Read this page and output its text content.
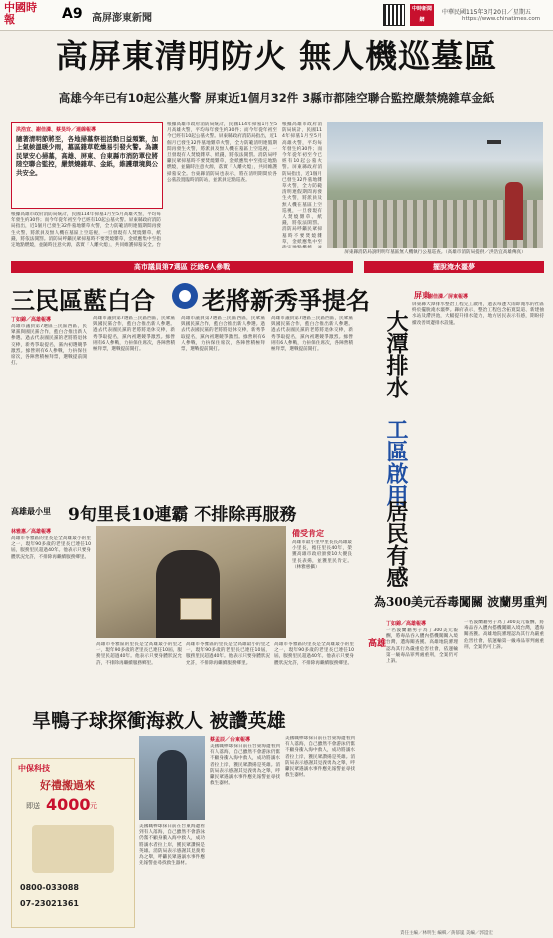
中國時報	A9 高屏澎東新聞
中時新聞網
中華民國115年3月20日／星期五
https://www.chinatimes.com
高屏東清明防火 無人機巡墓區
高雄今年已有10起公墓火警 屏東近1個月32件 3縣市都陸空聯合監控嚴禁燒雜草金紙
洪浩宜、謝佳潾、蔡旻玲／連線報導
隨著清明節將至，各地掃墓祭祖活動日益頻繁，加上氣候溫暖少雨，墓區雜草乾燥易引發火警。為讓民眾安心掃墓，高雄、屏東、台東縣市消防單位將陸空聯合監控，嚴禁燒雜草、金紙，維護環境與公共安全。
根據高雄市政府消防局統計，民國114年掃墓1月至5月高雄火警，平均每年發生約30件；而今年從年初至今已經有10起公墓火警。屏東縣政府消防局指出，近1個月已發生32件墓地雜草火警，全力防範清明連假期間再發生火警，將派員及無人機在墓區上空巡視，一旦發現有人焚燒雜草、紙錢，將依法開罰。消防局呼籲民眾掃墓時不要焚燒雜草，金紙應集中至指定地點燃燒，並隨時注意火源，落實「人離火熄」，共同維護掃墓安全。台
根據高雄市政府消防局統計，民國114年掃墓1月至5月高雄火警，平均每年發生約30件；而今年從年初至今已經有10起公墓火警。屏東縣政府消防局指出，近1個月已發生32件墓地雜草火警，全力防範清明連假期間再發生火警，將派員及無人機在墓區上空巡視，一旦發現有人焚燒雜草、紙錢，將依法開罰。消防局呼籲民眾掃墓時不要焚燒雜草，金紙應集中至指定地點燃燒，並隨時注意火源，落實「人離火熄」，共同維護掃墓安全。台東縣消防局也表示，將在清明期間於各公墓設置臨時消防站，並派員定點巡查。
根據高雄市政府消防局統計，民國114年掃墓1月至5月高雄火警，平均每年發生約30件；而今年從年初至今已經有10起公墓火警。屏東縣政府消防局指出，近1個月已發生32件墓地雜草火警，全力防範清明連假期間再發生火警，將派員及無人機在墓區上空巡視，一旦發現有人焚燒雜草、紙錢，將依法開罰。消防局呼籲民眾掃墓時不要焚燒雜草，金紙應集中至
屏東縣消防局說明明年墓區無人機執行公墓巡查。（高雄市消防局提供／洪浩宜高雄傳真）
高市議員第7選區 泛綠6人參戰	擺脫淹水噩夢
三民區藍白合 老將新秀爭提名
丁如錦／高雄報導
高雄市議員第7選區三民區西區，民眾黨與國民黨合作，藍白合推出新人參選。過去代表國民黨的老將將退休交棒，新秀爭取提名，黨內初選競爭激烈。綠營則有6人參戰，力拚保住席次，各陣營積極拜票，選戰提前開打。
高雄市議員第7選區三民區西區，民眾黨與國民黨合作，藍白合推出新人參選。過去代表國民黨的老將將退休交棒，新秀爭取提名，黨內初選競爭激烈。綠營則有6人參戰，力拚保住席次，各陣營積極拜票，選戰提前開打。
高雄市議員第7選區三民區西區，民眾黨與國民黨合作，藍白合推出新人參選。過去代表國民黨的老將將退休交棒，新秀爭取提名，黨內初選競爭激烈。綠營則有6人參戰，力拚保住席次，各陣營積極拜票，選戰提前開打。
高雄市議員第7選區三民區西區，民眾黨與國民黨合作，藍白合推出新人參選。過去代表國民黨的老將將退休交棒，新秀爭取提名，黨內初選競爭激烈。綠營則有6人參戰，力拚保住席次，各陣營積極拜票，選戰提前開打。
高雄最小里 9旬里長10連霸 不排除再服務
林雅惠／高雄報導
高雄市苓雅區的里長是全高雄最小的里之一，現年90多歲的老里長已連任10屆，服務里民超過40年。他表示只要身體狀況允許，不排除再繼續服務鄉里。
備受肯定
高雄市最小里中里長長高雄最小里長，擔任里長40年，榮獲高雄市政府頒發10大優良里長表揚，並獲里民肯定。（林雅惠攝）
高雄市苓雅區的里長是全高雄最小的里之一，現年90多歲的老里長已連任10屆，服務里民超過40年。他表示只要身體狀況允許，不排除再繼續服務鄉里。
高雄市苓雅區的里長是全高雄最小的里之一，現年90多歲的老里長已連任10屆，服務里民超過40年。他表示只要身體狀況允許，不排除再繼續服務鄉里。
高雄市苓雅區的里長是全高雄最小的里之一，現年90多歲的老里長已連任10屆，服務里民超過40年。他表示只要身體狀況允許，不排除再繼續服務鄉里。
旱鴨子球探衝海救人 被讚英雄
中保科技
好禮搬過來
即送 4000 元
0800-033088
07-23021361
蔡孟辰／台東報導
美國職棒球探日前在台東海邊看到有人落海，自己雖然不會游泳仍奮不顧身衝入海中救人，成功將溺水者拉上岸，獲民眾讚揚是英雄。消防局表示感謝其見義勇為之舉，呼籲民眾遇溺水事件應先報警並尋找救生器材。
美國職棒球探日前在台東海邊看到有人落海，自己雖然不會游泳仍奮不顧身衝入海中救人，成功將溺水者拉上岸，獲民眾讚揚是英雄。消防局表示感謝其見義勇為之舉，呼籲民眾遇溺水事件應先報警並尋找救生器材。
美國職棒球探日前在台東海邊看到有人落海，自己雖然不會游泳仍奮不顧身衝入海中救人，成功將溺水者拉上岸，獲民眾讚揚是英雄。消防局表示感謝其見義勇為之舉，呼籲民眾遇溺水事件應先報警並尋找救生器材。
大潭排水
工區啟用
居民有感
屏東
謝佳潾／屏東報導
屏東縣大潭排水整治工程完工啟用，過去每逢大雨即淹水的社區終於擺脫淹水噩夢。縣府表示，整治工程包含拓寬渠道、新建抽水站及滯洪池，大幅提升排水能力，地方居民表示有感，期盼持續改善周邊排水設施。
為300美元吞毒闖關 波蘭男重判
高雄
丁如錦／高雄報導
一名波蘭籍男子為了300美元報酬，將毒品吞入體內搭機闖關入境台灣，遭海關查獲。高雄地院審理認為其行為嚴重危害社會，依運輸第一級毒品罪判處重刑，全案仍可上訴。
一名波蘭籍男子為了300美元報酬，將毒品吞入體內搭機闖關入境台灣，遭海關查獲。高雄地院審理認為其行為嚴重危害社會，依運輸第一級毒品罪判處重刑，全案仍可上訴。
責任主編／林明生 編輯／黃郁嵐 美編／郭崑宏
